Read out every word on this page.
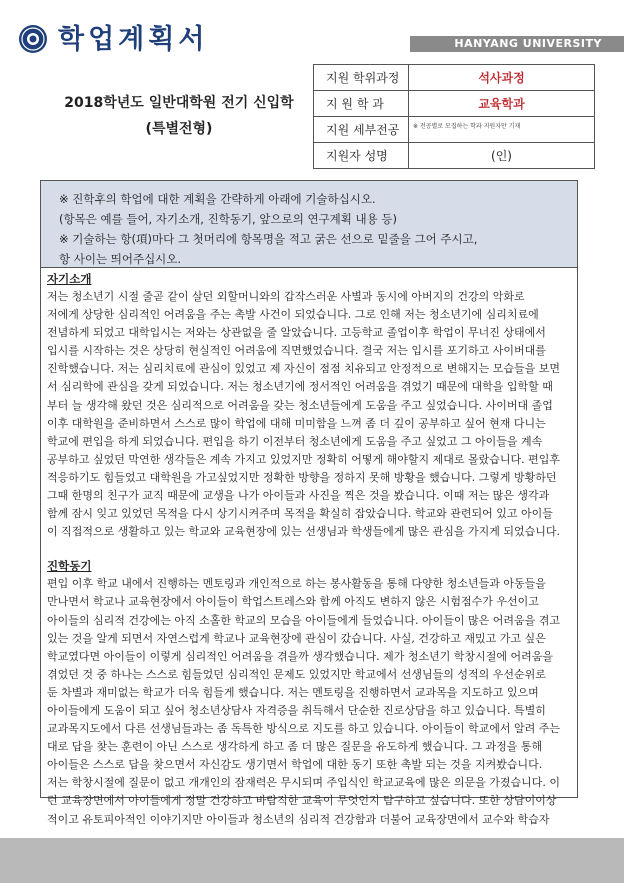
학업계획서	HANYANG UNIVERSITY
2018학년도 일반대학원 전기 신입학
(특별전형)
지원 학위과정	석사과정
지 원 학 과	교육학과
지원 세부전공	※ 전공별로 모집하는 학과 지원자만 기재

지원자 성명	(인)
※ 진학후의 학업에 대한 계획을 간략하게 아래에 기술하십시오.
(항목은 예를 들어, 자기소개, 진학동기, 앞으로의 연구계획 내용 등)
※ 기술하는 항(項)마다 그 첫머리에 항목명을 적고 굵은 선으로 밑줄을 그어 주시고,
항 사이는 띄어주십시오.
자기소개
저는 청소년기 시절 줄곧 같이 살던 외할머니와의 갑작스러운 사별과 동시에 아버지의 건강의 악화로
저에게 상당한 심리적인 어려움을 주는 촉발 사건이 되었습니다. 그로 인해 저는 청소년기에 심리치료에
전념하게 되었고 대학입시는 저와는 상관없을 줄 알았습니다. 고등학교 졸업이후 학업이 무너진 상태에서
입시를 시작하는 것은 상당히 현실적인 어려움에 직면했었습니다. 결국 저는 입시를 포기하고 사이버대를
진학했습니다. 저는 심리치료에 관심이 있었고 제 자신이 점점 치유되고 안정적으로 변해지는 모습들을 보면
서 심리학에 관심을 갖게 되었습니다. 저는 청소년기에 정서적인 어려움을 겪었기 때문에 대학을 입학할 때
부터 늘 생각해 왔던 것은 심리적으로 어려움을 갖는 청소년들에게 도움을 주고 싶었습니다. 사이버대 졸업
이후 대학원을 준비하면서 스스로 많이 학업에 대해 미미함을 느껴 좀 더 깊이 공부하고 싶어 현재 다니는
학교에 편입을 하게 되었습니다. 편입을 하기 이전부터 청소년에게 도움을 주고 싶었고 그 아이들을 계속
공부하고 싶었던 막연한 생각들은 계속 가지고 있었지만 정확히 어떻게 해야할지 제대로 몰랐습니다. 편입후
적응하기도 힘들었고 대학원을 가고싶었지만 정확한 방향을 정하지 못해 방황을 했습니다. 그렇게 방황하던
그때 한명의 친구가 교직 때문에 교생을 나가 아이들과 사진을 찍은 것을 봤습니다. 이때 저는 많은 생각과
함께 잠시 잊고 있었던 목적을 다시 상기시켜주며 목적을 확실히 잡았습니다. 학교와 관련되어 있고 아이들
이 직접적으로 생활하고 있는 학교와 교육현장에 있는 선생님과 학생들에게 많은 관심을 가지게 되었습니다.
진학동기
편입 이후 학교 내에서 진행하는 멘토링과 개인적으로 하는 봉사활동을 통해 다양한 청소년들과 아동들을
만나면서 학교나 교육현장에서 아이들이 학업스트레스와 함께 아직도 변하지 않은 시험점수가 우선이고
아이들의 심리적 건강에는 아직 소홀한 학교의 모습을 아이들에게 들었습니다. 아이들이 많은 어려움을 겪고
있는 것을 알게 되면서 자연스럽게 학교나 교육현장에 관심이 갔습니다. 사실, 건강하고 재밌고 가고 싶은
학교였다면 아이들이 이렇게 심리적인 어려움을 겪을까 생각했습니다. 제가 청소년기 학창시절에 어려움을
겪었던 것 중 하나는 스스로 힘들었던 심리적인 문제도 있었지만 학교에서 선생님들의 성적의 우선순위로
둔 차별과 재미없는 학교가 더욱 힘들게 했습니다. 저는 멘토링을 진행하면서 교과목을 지도하고 있으며
아이들에게 도움이 되고 싶어 청소년상담사 자격증을 취득해서 단순한 진로상담을 하고 있습니다. 특별히
교과목지도에서 다른 선생님들과는 좀 독특한 방식으로 지도를 하고 있습니다. 아이들이 학교에서 알려 주는
대로 답을 찾는 훈련이 아닌 스스로 생각하게 하고 좀 더 많은 질문을 유도하게 했습니다. 그 과정을 통해
아이들은 스스로 답을 찾으면서 자신감도 생기면서 학업에 대한 동기 또한 촉발 되는 것을 지켜봤습니다.
저는 학창시절에 질문이 없고 개개인의 잠재력은 무시되며 주입식인 학교교육에 많은 의문을 가졌습니다. 이
런 교육장면에서 아이들에게 정말 건강하고 바람직한 교육이 무엇인지 탐구하고 싶습니다. 또한 상담이이상
적이고 유토피아적인 이야기지만 아이들과 청소년의 심리적 건강함과 더불어 교육장면에서 교수와 학습자
